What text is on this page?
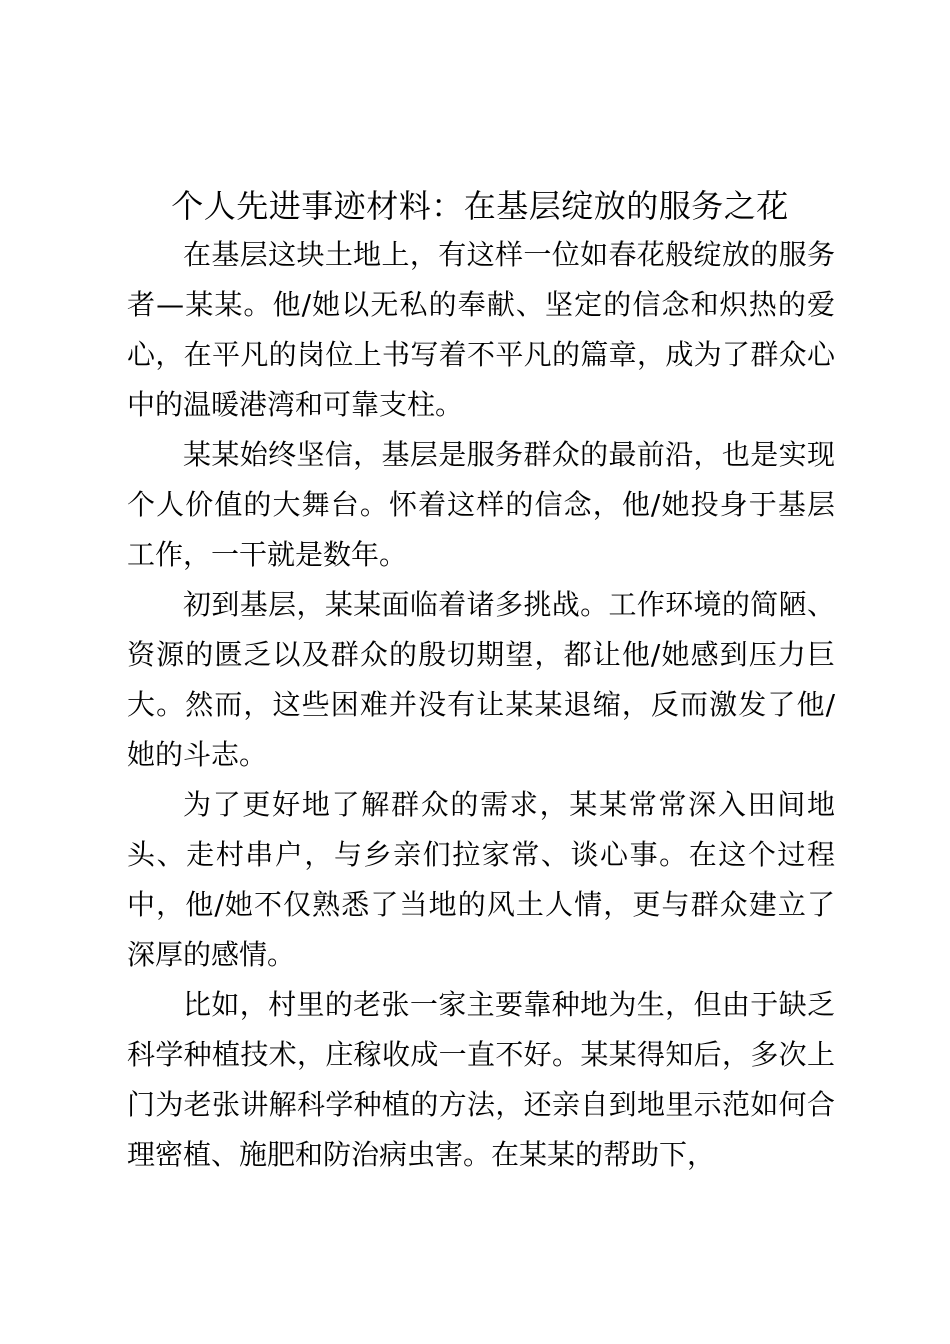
个人先进事迹材料：在基层绽放的服务之花

在基层这块土地上，有这样一位如春花般绽放的服务者—某某。他/她以无私的奉献、坚定的信念和炽热的爱心，在平凡的岗位上书写着不平凡的篇章，成为了群众心中的温暖港湾和可靠支柱。

某某始终坚信，基层是服务群众的最前沿，也是实现个人价值的大舞台。怀着这样的信念，他/她投身于基层工作，一干就是数年。

初到基层，某某面临着诸多挑战。工作环境的简陋、资源的匮乏以及群众的殷切期望，都让他/她感到压力巨大。然而，这些困难并没有让某某退缩，反而激发了他/她的斗志。

为了更好地了解群众的需求，某某常常深入田间地头、走村串户，与乡亲们拉家常、谈心事。在这个过程中，他/她不仅熟悉了当地的风土人情，更与群众建立了深厚的感情。

比如，村里的老张一家主要靠种地为生，但由于缺乏科学种植技术，庄稼收成一直不好。某某得知后，多次上门为老张讲解科学种植的方法，还亲自到地里示范如何合理密植、施肥和防治病虫害。在某某的帮助下，
